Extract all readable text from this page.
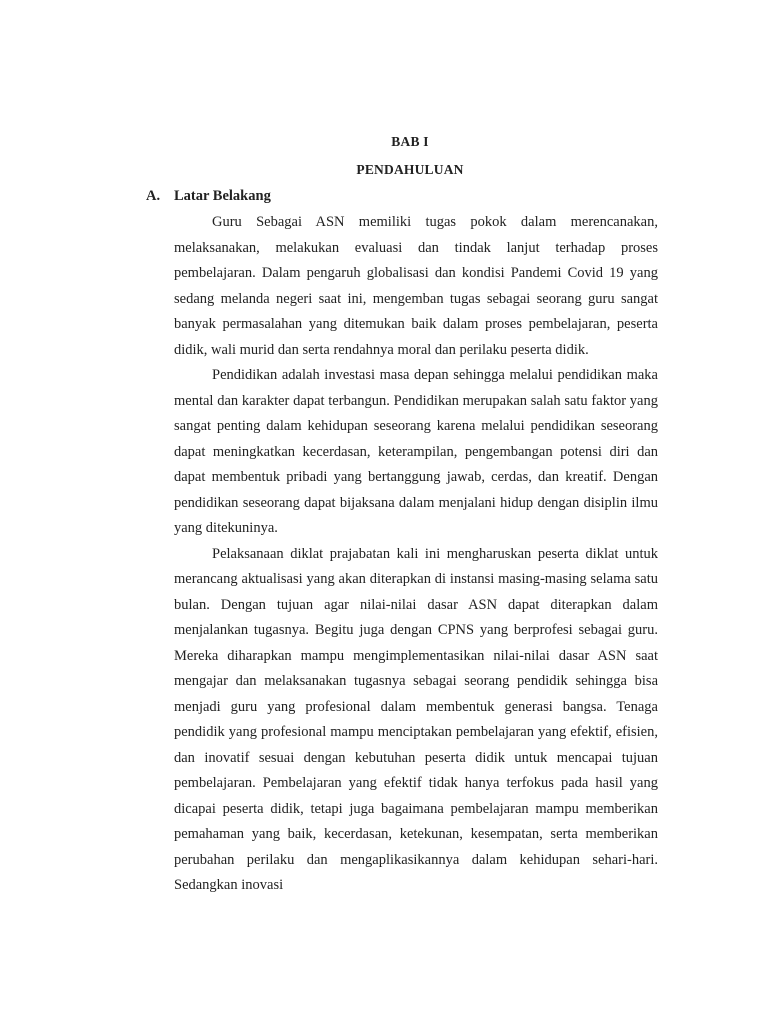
BAB I
PENDAHULUAN
A. Latar Belakang

Guru Sebagai ASN memiliki tugas pokok dalam merencanakan, melaksanakan, melakukan evaluasi dan tindak lanjut terhadap proses pembelajaran. Dalam pengaruh globalisasi dan kondisi Pandemi Covid 19 yang sedang melanda negeri saat ini, mengemban tugas sebagai seorang guru sangat banyak permasalahan yang ditemukan baik dalam proses pembelajaran, peserta didik, wali murid dan serta rendahnya moral dan perilaku peserta didik.

Pendidikan adalah investasi masa depan sehingga melalui pendidikan maka mental dan karakter dapat terbangun. Pendidikan merupakan salah satu faktor yang sangat penting dalam kehidupan seseorang karena melalui pendidikan seseorang dapat meningkatkan kecerdasan, keterampilan, pengembangan potensi diri dan dapat membentuk pribadi yang bertanggung jawab, cerdas, dan kreatif. Dengan pendidikan seseorang dapat bijaksana dalam menjalani hidup dengan disiplin ilmu yang ditekuninya.

Pelaksanaan diklat prajabatan kali ini mengharuskan peserta diklat untuk merancang aktualisasi yang akan diterapkan di instansi masing-masing selama satu bulan. Dengan tujuan agar nilai-nilai dasar ASN dapat diterapkan dalam menjalankan tugasnya. Begitu juga dengan CPNS yang berprofesi sebagai guru. Mereka diharapkan mampu mengimplementasikan nilai-nilai dasar ASN saat mengajar dan melaksanakan tugasnya sebagai seorang pendidik sehingga bisa menjadi guru yang profesional dalam membentuk generasi bangsa. Tenaga pendidik yang profesional mampu menciptakan pembelajaran yang efektif, efisien, dan inovatif sesuai dengan kebutuhan peserta didik untuk mencapai tujuan pembelajaran. Pembelajaran yang efektif tidak hanya terfokus pada hasil yang dicapai peserta didik, tetapi juga bagaimana pembelajaran mampu memberikan pemahaman yang baik, kecerdasan, ketekunan, kesempatan, serta memberikan perubahan perilaku dan mengaplikasikannya dalam kehidupan sehari-hari. Sedangkan inovasi
